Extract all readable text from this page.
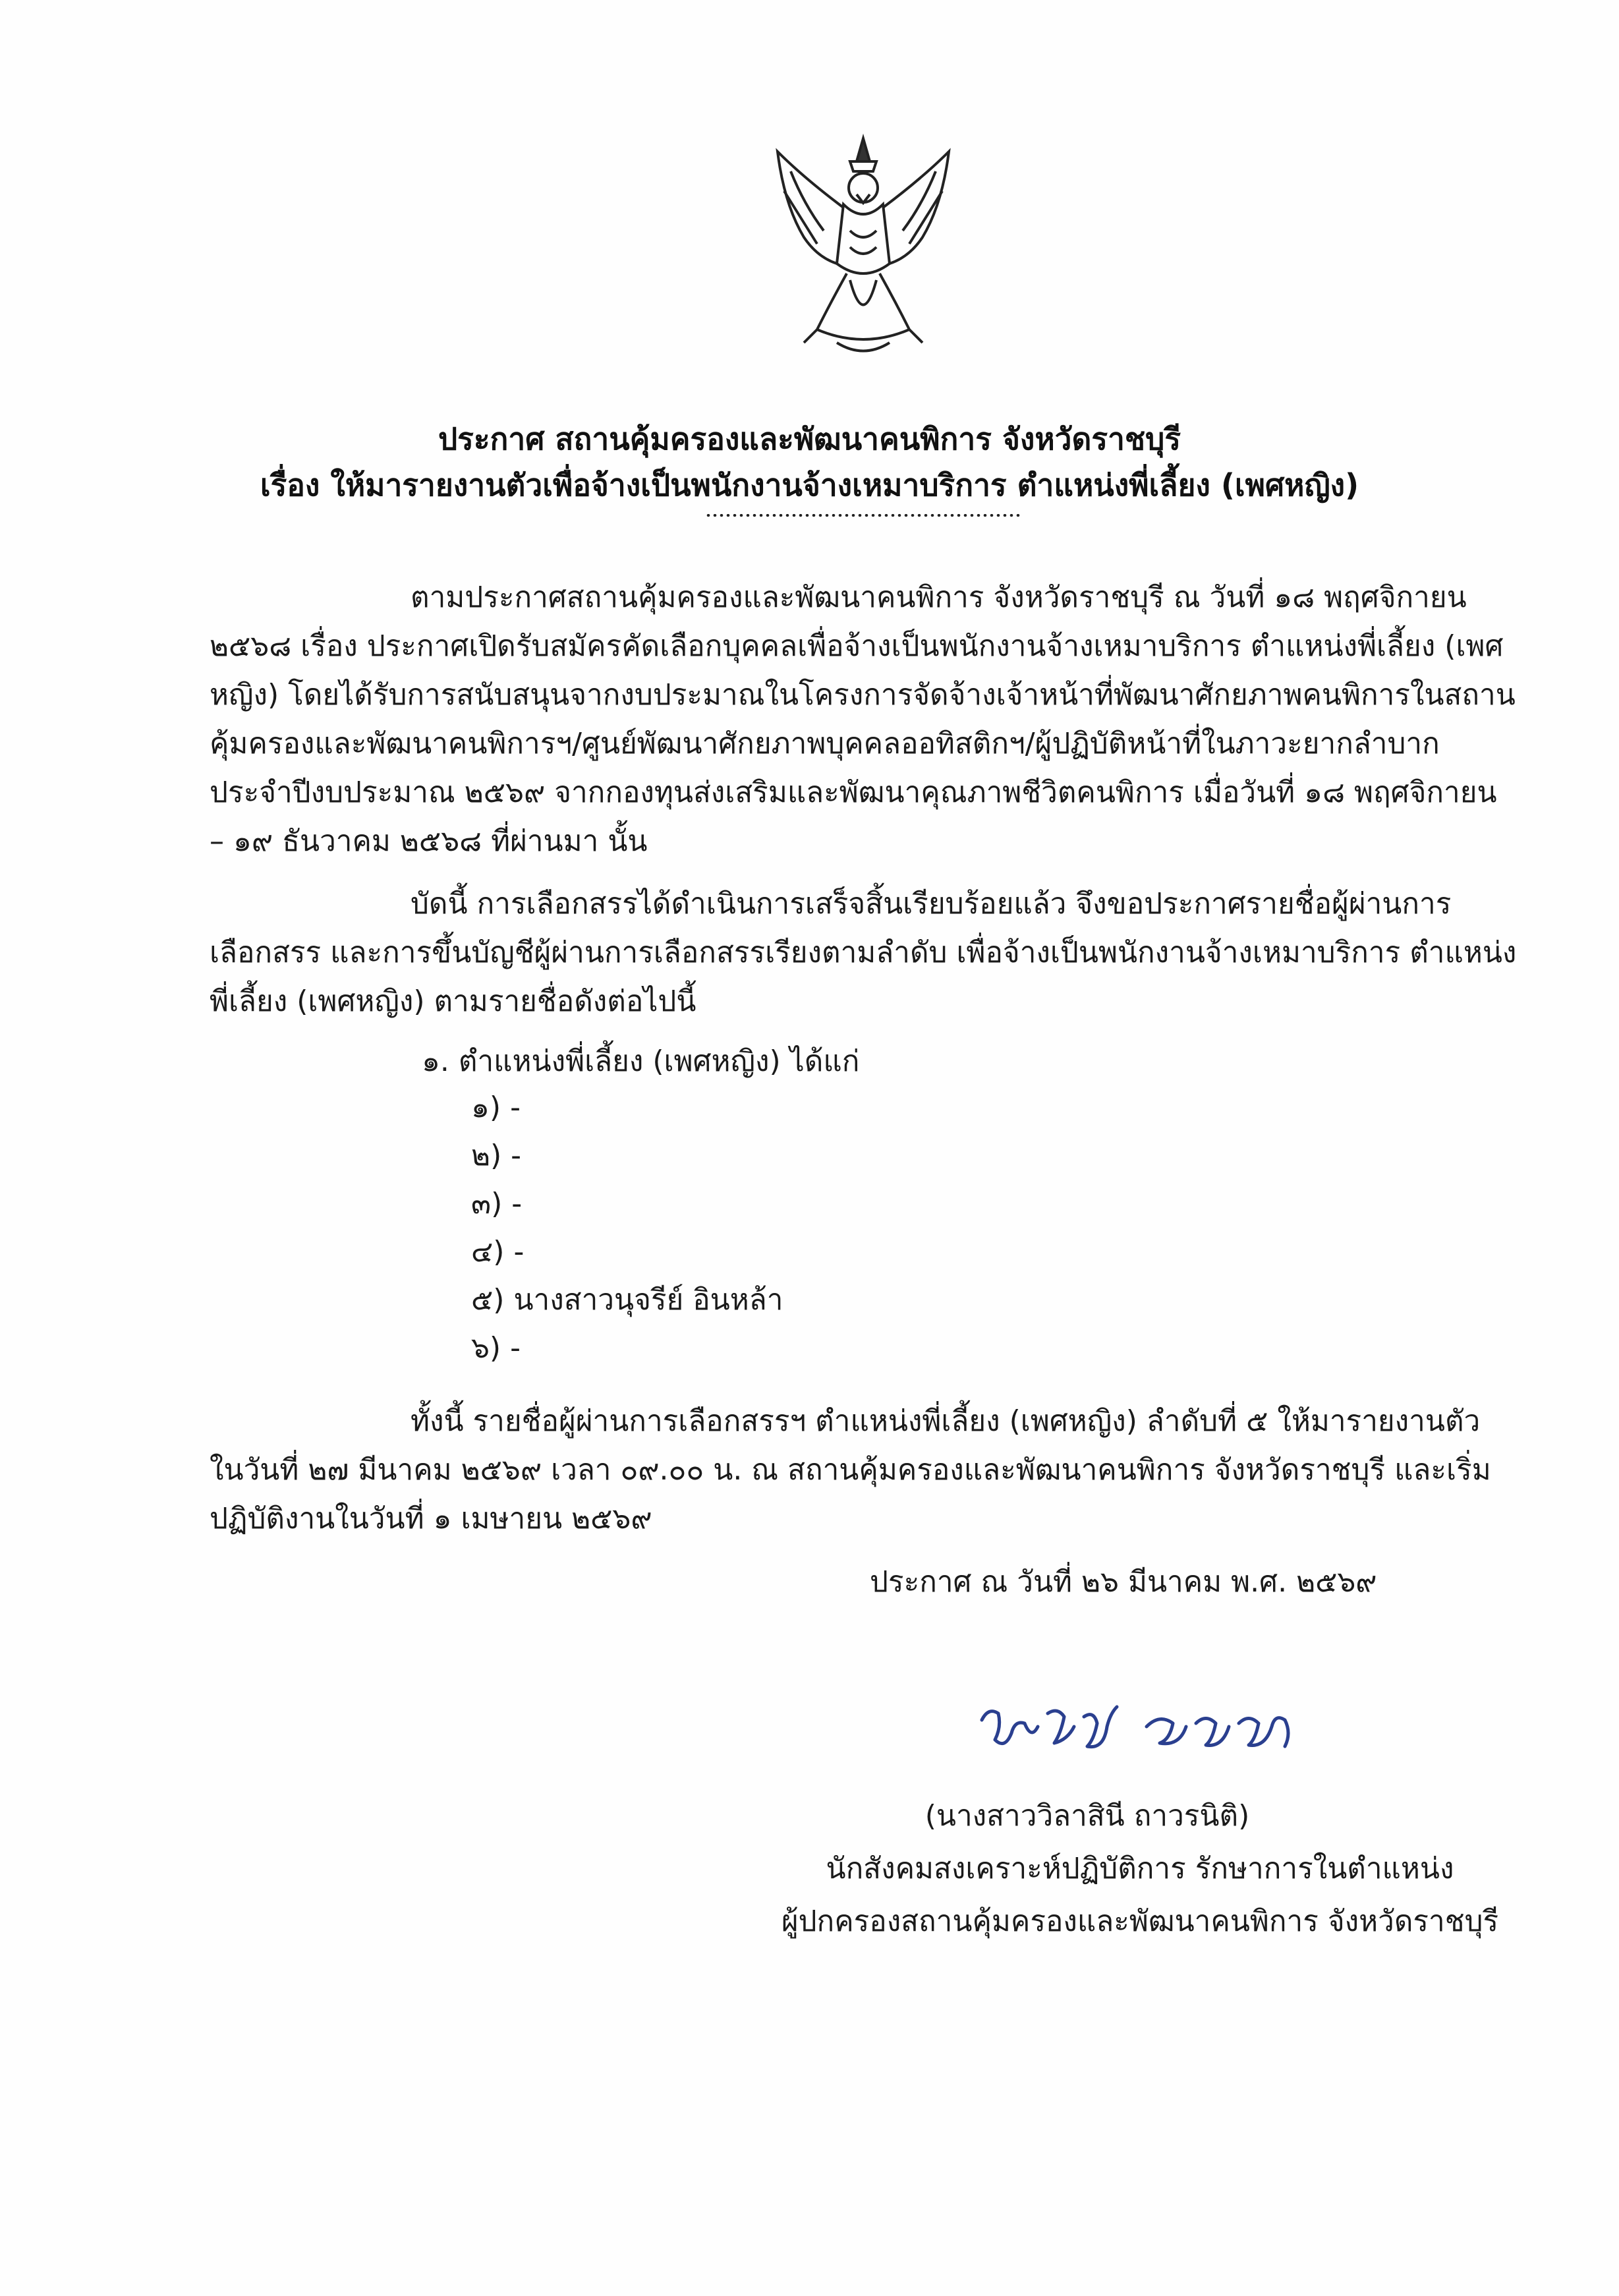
ประกาศ สถานคุ้มครองและพัฒนาคนพิการ จังหวัดราชบุรี
เรื่อง ให้มารายงานตัวเพื่อจ้างเป็นพนักงานจ้างเหมาบริการ ตำแหน่งพี่เลี้ยง (เพศหญิง)
ตามประกาศสถานคุ้มครองและพัฒนาคนพิการ จังหวัดราชบุรี ณ วันที่ ๑๘ พฤศจิกายน ๒๕๖๘ เรื่อง ประกาศเปิดรับสมัครคัดเลือกบุคคลเพื่อจ้างเป็นพนักงานจ้างเหมาบริการ ตำแหน่งพี่เลี้ยง (เพศหญิง) โดยได้รับการสนับสนุนจากงบประมาณในโครงการจัดจ้างเจ้าหน้าที่พัฒนาศักยภาพคนพิการในสถานคุ้มครองและพัฒนาคนพิการฯ/ศูนย์พัฒนาศักยภาพบุคคลออทิสติกฯ/ผู้ปฏิบัติหน้าที่ในภาวะยากลำบาก ประจำปีงบประมาณ ๒๕๖๙ จากกองทุนส่งเสริมและพัฒนาคุณภาพชีวิตคนพิการ เมื่อวันที่ ๑๘ พฤศจิกายน – ๑๙ ธันวาคม ๒๕๖๘ ที่ผ่านมา นั้น
บัดนี้ การเลือกสรรได้ดำเนินการเสร็จสิ้นเรียบร้อยแล้ว จึงขอประกาศรายชื่อผู้ผ่านการเลือกสรร และการขึ้นบัญชีผู้ผ่านการเลือกสรรเรียงตามลำดับ เพื่อจ้างเป็นพนักงานจ้างเหมาบริการ ตำแหน่งพี่เลี้ยง (เพศหญิง) ตามรายชื่อดังต่อไปนี้
๑. ตำแหน่งพี่เลี้ยง (เพศหญิง) ได้แก่
๑) -
๒) -
๓) -
๔) -
๕) นางสาวนุจรีย์ อินหล้า
๖) -
ทั้งนี้ รายชื่อผู้ผ่านการเลือกสรรฯ ตำแหน่งพี่เลี้ยง (เพศหญิง) ลำดับที่ ๕ ให้มารายงานตัว ในวันที่ ๒๗ มีนาคม ๒๕๖๙ เวลา ๐๙.๐๐ น. ณ สถานคุ้มครองและพัฒนาคนพิการ จังหวัดราชบุรี และเริ่มปฏิบัติงานในวันที่ ๑ เมษายน ๒๕๖๙
ประกาศ ณ วันที่ ๒๖ มีนาคม พ.ศ. ๒๕๖๙
(นางสาววิลาสินี ถาวรนิติ)
นักสังคมสงเคราะห์ปฏิบัติการ รักษาการในตำแหน่ง
ผู้ปกครองสถานคุ้มครองและพัฒนาคนพิการ จังหวัดราชบุรี
